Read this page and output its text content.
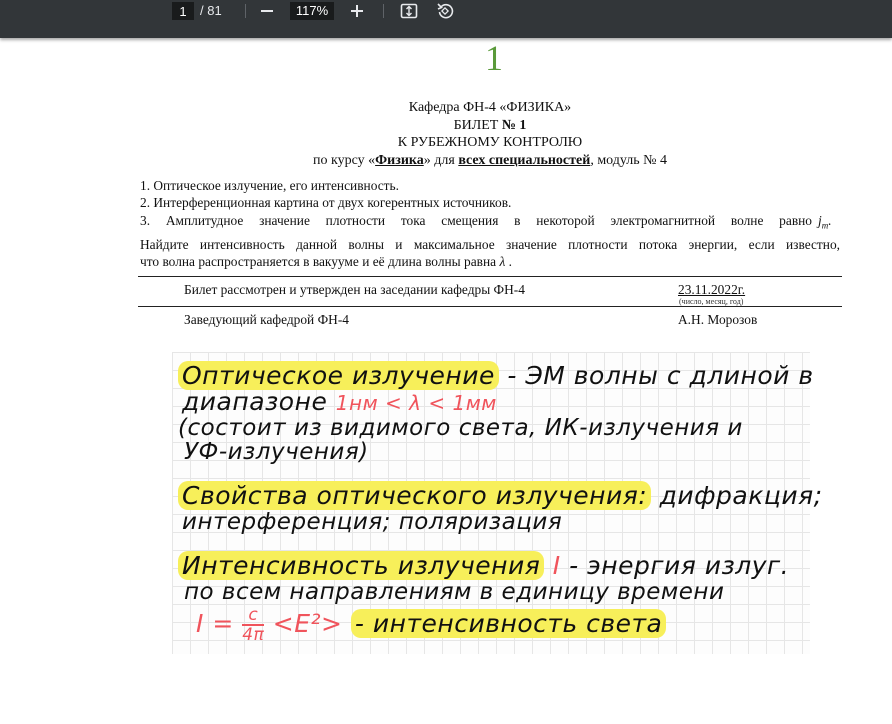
1
/ 81	117%
1
Кафедра ФН-4 «ФИЗИКА»
БИЛЕТ № 1
К РУБЕЖНОМУ КОНТРОЛЮ
по курсу «Физика» для всех специальностей, модуль № 4
1. Оптическое излучение, его интенсивность.
2. Интерференционная картина от двух когерентных источников.
3. Амплитудное значение плотности тока смещения в некоторой электромагнитной волне равно $j_m$.
Найдите интенсивность данной волны и максимальное значение плотности потока энергии, если известно,
что волна распространяется в вакууме и её длина волны равна λ .
Билет рассмотрен и утвержден на заседании кафедры ФН-4	23.11.2022г.
(число, месяц, год)
Заведующий кафедрой ФН-4	А.Н. Морозов
Оптическое излучение - ЭМ волны с длиной в
диапазоне 1нм < λ < 1мм
(состоит из видимого света, ИК-излучения и
УФ-излучения)
Свойства оптического излучения: дифракция;
интерференция; поляризация
Интенсивность излучения I - энергия излуг.
по всем направлениям в единицу времени
$I = \frac{с}{4\pi} <E^2>$ - интенсивность света
